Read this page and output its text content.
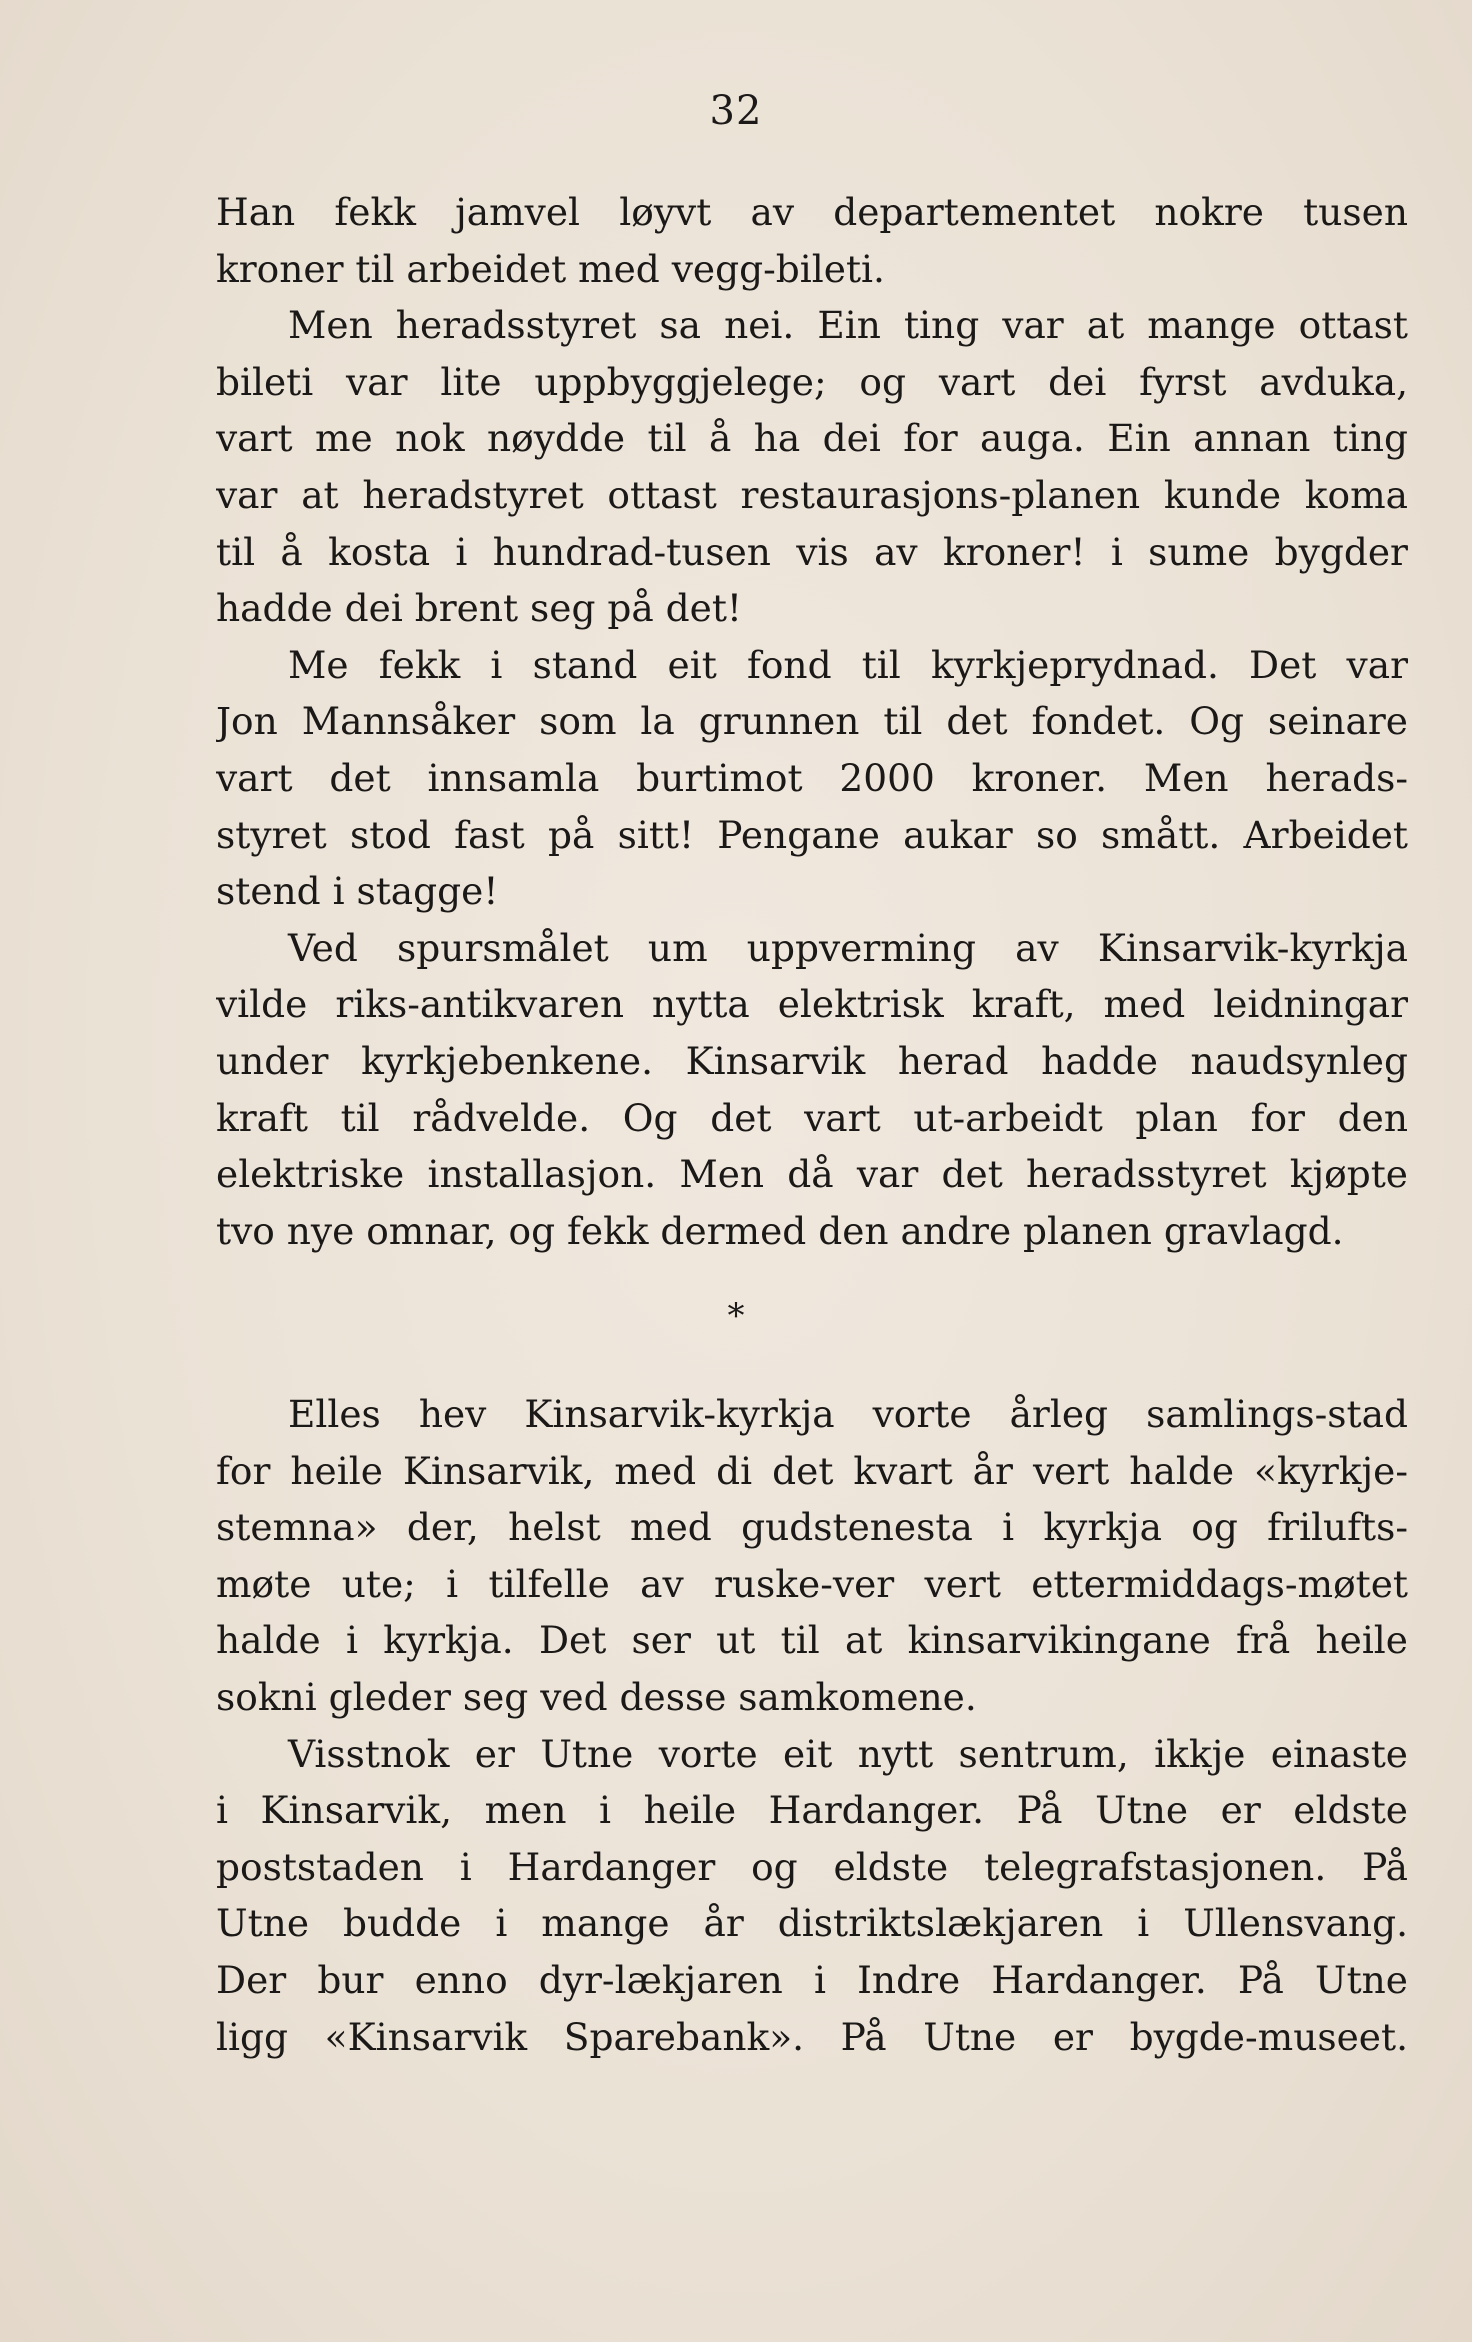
32
Han fekk jamvel løyvt av departementet nokre tusen
kroner til arbeidet med vegg-bileti.
Men heradsstyret sa nei. Ein ting var at mange ottast
bileti var lite uppbyggjelege; og vart dei fyrst avduka,
vart me nok nøydde til å ha dei for auga. Ein annan ting
var at heradstyret ottast restaurasjons-planen kunde koma
til å kosta i hundrad-tusen vis av kroner! i sume bygder
hadde dei brent seg på det!
Me fekk i stand eit fond til kyrkjeprydnad. Det var
Jon Mannsåker som la grunnen til det fondet. Og seinare
vart det innsamla burtimot 2000 kroner. Men herads-
styret stod fast på sitt! Pengane aukar so smått. Arbeidet
stend i stagge!
Ved spursmålet um uppverming av Kinsarvik-kyrkja
vilde riks-antikvaren nytta elektrisk kraft, med leidningar
under kyrkjebenkene. Kinsarvik herad hadde naudsynleg
kraft til rådvelde. Og det vart ut-arbeidt plan for den
elektriske installasjon. Men då var det heradsstyret kjøpte
tvo nye omnar, og fekk dermed den andre planen gravlagd.
*
Elles hev Kinsarvik-kyrkja vorte årleg samlings-stad
for heile Kinsarvik, med di det kvart år vert halde «kyrkje-
stemna» der, helst med gudstenesta i kyrkja og frilufts-
møte ute; i tilfelle av ruske-ver vert ettermiddags-møtet
halde i kyrkja. Det ser ut til at kinsarvikingane frå heile
sokni gleder seg ved desse samkomene.
Visstnok er Utne vorte eit nytt sentrum, ikkje einaste
i Kinsarvik, men i heile Hardanger. På Utne er eldste
poststaden i Hardanger og eldste telegrafstasjonen. På
Utne budde i mange år distriktslækjaren i Ullensvang.
Der bur enno dyr-lækjaren i Indre Hardanger. På Utne
ligg «Kinsarvik Sparebank». På Utne er bygde-museet.
